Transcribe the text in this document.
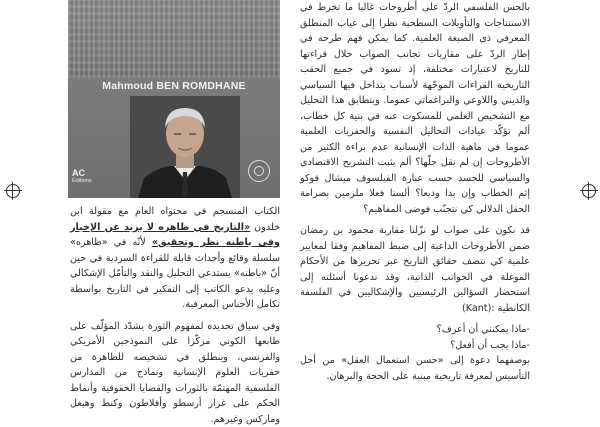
Mahmoud BEN ROMDHANE
AC
Éditions

الكتاب المنسجم في محتواه العام مع مقولة ابن خلدون «التاريخ في ظاهره لا يزيد عن الإخبار وفي باطنه نظر وتحقيق» لأنّه في «ظاهره» سلسلة وقائع وأحداث قابلة للقراءة السردية في حين أنّ «باطنه» يستدعي التحليل والنقد والتأمّل الإشكالي وعليه يدعو الكاتب إلى التفكير في التاريخ بواسطة تكامل الأجناس المعرفية.

وفي سياق تحديده لمفهوم الثورة يشدّد المؤلّف على طابعها الكوني مركّزا على النموذجين الأمريكي والفرنسي، وينطلق في تشخيصه للظاهرة من حفريات العلوم الإنسانية ونماذج من المدارس الفلسفية المهتمّة بالثورات والقضايا الحقوقية وأنماط الحكم على غرار أرسطو وأفلاطون وكنط وهيغل وماركس وغيرهم.

بالحس الفلسفي الردّ على أطروحات غالبا ما تخرط في الاستنتاجات والتأويلات السطحية نظرا إلى غياب المنطلق المعرفي ذي الصبغة العلمية. كما يمكن فهم طرحه في إطار الردّ على مقاربات تجانب الصواب خلال قراءتها للتاريخ لاعتبارات مختلفة، إذ تسود في جميع الحقب التاريخية القراءات الموجّهة لأسباب يتداخل فيها السياسي والديني واللاوعي والبراغماتي عموما. ويتطابق هذا التحليل مع التشخيص العلمي للمسكوت عنه في بنية كل خطاب، ألم تؤكّد عيادات التحاليل النفسية والحفريات العلمية عموما في ماهية الذات الإنسانية عدم براءة الكثير من الأطروحات إن لم نقل جلّها؟ ألم يثبت التشريح الاقتصادي والسياسي للجسد حسب عبارة الفيلسوف ميشال فوكو إثم الخطاب وإن بدا وديعا؟ ألسنا فعلا ملزمين بصرامة الحقل الدلالي كي نتجنّب فوضى المفاهيم؟

قد نكون على صواب لو نزّلنا مقاربة محمود بن رمضان ضمن الأطروحات الداعية إلى ضبط المفاهيم وفقا لمعايير علمية كي نتصف حقائق التاريخ عبر تحريرها من الأحكام الموغلة في الجوانب الذاتية، وقد تدعونا أسئلته إلى استحضار السؤالين الرئيسيين والإشكاليين في الفلسفة الكانطية (Kant):

-ماذا يمكنني أن أعرف؟

-ماذا يجب أن أفعل؟

بوصفهما دعوة إلى «حسن استعمال العقل» من أجل التأسيس لمعرفة تاريخية مبنية على الحجة والبرهان.
